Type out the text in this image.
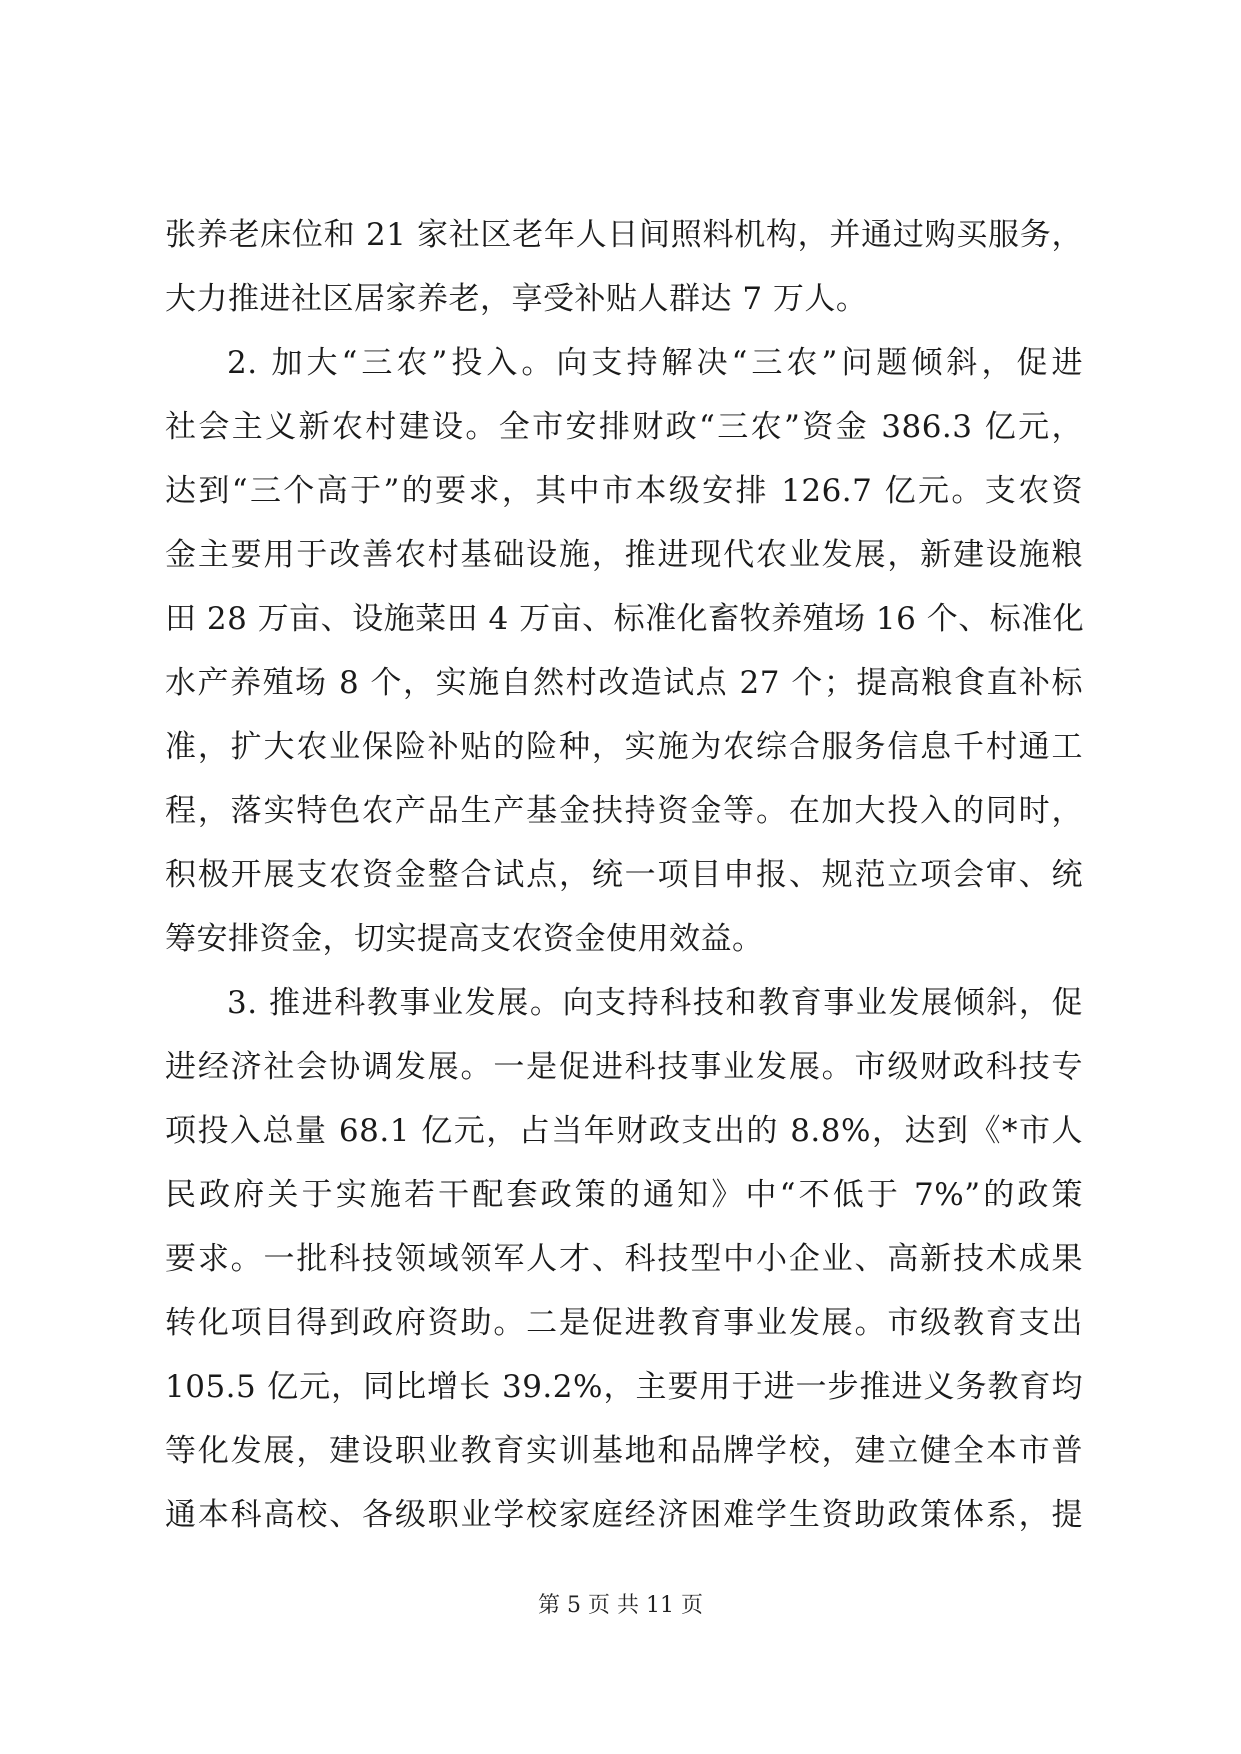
张养老床位和 21 家社区老年人日间照料机构，并通过购买服务，
大力推进社区居家养老，享受补贴人群达 7 万人。
2. 加大“三农”投入。向支持解决“三农”问题倾斜，促进
社会主义新农村建设。全市安排财政“三农”资金 386.3 亿元，
达到“三个高于”的要求，其中市本级安排 126.7 亿元。支农资
金主要用于改善农村基础设施，推进现代农业发展，新建设施粮
田 28 万亩、设施菜田 4 万亩、标准化畜牧养殖场 16 个、标准化
水产养殖场 8 个，实施自然村改造试点 27 个；提高粮食直补标
准，扩大农业保险补贴的险种，实施为农综合服务信息千村通工
程，落实特色农产品生产基金扶持资金等。在加大投入的同时，
积极开展支农资金整合试点，统一项目申报、规范立项会审、统
筹安排资金，切实提高支农资金使用效益。
3. 推进科教事业发展。向支持科技和教育事业发展倾斜，促
进经济社会协调发展。一是促进科技事业发展。市级财政科技专
项投入总量 68.1 亿元，占当年财政支出的 8.8%，达到《*市人
民政府关于实施若干配套政策的通知》中“不低于 7%”的政策
要求。一批科技领域领军人才、科技型中小企业、高新技术成果
转化项目得到政府资助。二是促进教育事业发展。市级教育支出
105.5 亿元，同比增长 39.2%，主要用于进一步推进义务教育均
等化发展，建设职业教育实训基地和品牌学校，建立健全本市普
通本科高校、各级职业学校家庭经济困难学生资助政策体系，提
第 5 页 共 11 页
